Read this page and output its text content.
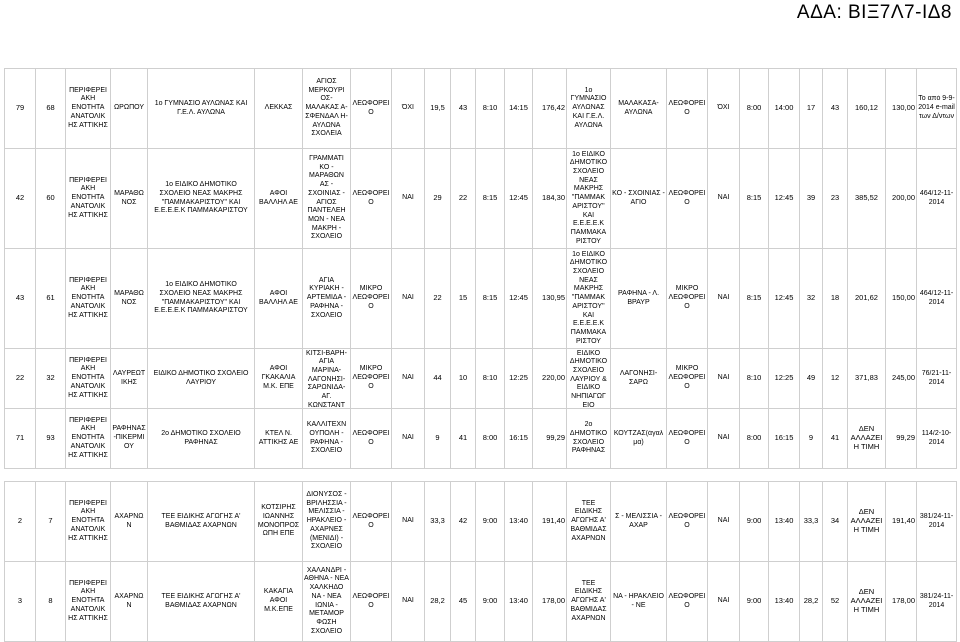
ΑΔΑ: ΒΙΞ7Λ7-ΙΔ8
79	68	ΠΕΡΙΦΕΡΕΙ ΑΚΗ ΕΝΟΤΗΤΑ ΑΝΑΤΟΛΙΚ ΗΣ ΑΤΤΙΚΗΣ	ΩΡΩΠΟΥ	1ο ΓΥΜΝΑΣΙΟ ΑΥΛΩΝΑΣ ΚΑΙ Γ.Ε.Λ. ΑΥΛΩΝΑ	ΛΕΚΚΑΣ	ΑΓΙΟΣ ΜΕΡΚΟΥΡΙ ΟΣ- ΜΑΛΑΚΑΣ Α- ΣΦΕΝΔΑΛ Η-ΑΥΛΩΝΑ ΣΧΟΛΕΙΑ	ΛΕΩΦΟΡΕΙ Ο	ΌΧΙ	19,5	43	8:10	14:15	176,42	1ο ΓΥΜΝΑΣΙΟ ΑΥΛΩΝΑΣ ΚΑΙ Γ.Ε.Λ. ΑΥΛΩΝΑ	ΜΑΛΑΚΑΣΑ-ΑΥΛΩΝΑ	ΛΕΩΦΟΡΕΙ Ο	ΌΧΙ	8:00	14:00	17	43	160,12	130,00	Το από 9-9-2014 e-mail των Δ/ντων

42	60	ΠΕΡΙΦΕΡΕΙ ΑΚΗ ΕΝΟΤΗΤΑ ΑΝΑΤΟΛΙΚ ΗΣ ΑΤΤΙΚΗΣ	ΜΑΡΑΘΩΝΟΣ	1ο ΕΙΔΙΚΟ ΔΗΜΟΤΙΚΟ ΣΧΟΛΕΙΟ ΝΕΑΣ ΜΑΚΡΗΣ "ΠΑΜΜΑΚΑΡΙΣΤΟΥ" ΚΑΙ Ε.Ε.Ε.Ε.Κ ΠΑΜΜΑΚΑΡΙΣΤΟΥ	ΑΦΟΙ ΒΑΛΛΗΛ ΑΕ	ΓΡΑΜΜΑΤΙ ΚΟ - ΜΑΡΑΘΩΝ ΑΣ - ΣΧΟΙΝΙΑΣ - ΑΓΙΟΣ ΠΑΝΤΕΛΕΗ ΜΩΝ - ΝΕΑ ΜΑΚΡΗ - ΣΧΟΛΕΙΟ	ΛΕΩΦΟΡΕΙ Ο	ΝΑΙ	29	22	8:15	12:45	184,30	1ο ΕΙΔΙΚΟ ΔΗΜΟΤΙΚΟ ΣΧΟΛΕΙΟ ΝΕΑΣ ΜΑΚΡΗΣ "ΠΑΜΜΑΚ ΑΡΙΣΤΟΥ" ΚΑΙ Ε.Ε.Ε.Ε.Κ ΠΑΜΜΑΚΑ ΡΙΣΤΟΥ	ΚΟ - ΣΧΟΙΝΙΑΣ - ΑΓΙΟ	ΛΕΩΦΟΡΕΙ Ο	ΝΑΙ	8:15	12:45	39	23	385,52	200,00	464/12-11-2014

43	61	ΠΕΡΙΦΕΡΕΙ ΑΚΗ ΕΝΟΤΗΤΑ ΑΝΑΤΟΛΙΚ ΗΣ ΑΤΤΙΚΗΣ	ΜΑΡΑΘΩΝΟΣ	1ο ΕΙΔΙΚΟ ΔΗΜΟΤΙΚΟ ΣΧΟΛΕΙΟ ΝΕΑΣ ΜΑΚΡΗΣ "ΠΑΜΜΑΚΑΡΙΣΤΟΥ" ΚΑΙ Ε.Ε.Ε.Ε.Κ ΠΑΜΜΑΚΑΡΙΣΤΟΥ	ΑΦΟΙ ΒΑΛΛΗΛ ΑΕ	ΑΓΙΑ ΚΥΡΙΑΚΗ - ΑΡΤΕΜΙΔΑ - ΡΑΦΗΝΑ - ΣΧΟΛΕΙΟ	ΜΙΚΡΟ ΛΕΩΦΟΡΕΙ Ο	ΝΑΙ	22	15	8:15	12:45	130,95	1ο ΕΙΔΙΚΟ ΔΗΜΟΤΙΚΟ ΣΧΟΛΕΙΟ ΝΕΑΣ ΜΑΚΡΗΣ "ΠΑΜΜΑΚ ΑΡΙΣΤΟΥ" ΚΑΙ Ε.Ε.Ε.Ε.Κ ΠΑΜΜΑΚΑ ΡΙΣΤΟΥ	ΡΑΦΗΝΑ - Λ. ΒΡΑΥΡ	ΜΙΚΡΟ ΛΕΩΦΟΡΕΙ Ο	ΝΑΙ	8:15	12:45	32	18	201,62	150,00	464/12-11-2014

22	32	ΠΕΡΙΦΕΡΕΙ ΑΚΗ ΕΝΟΤΗΤΑ ΑΝΑΤΟΛΙΚ ΗΣ ΑΤΤΙΚΗΣ	ΛΑΥΡΕΩΤΙΚΗΣ	ΕΙΔΙΚΟ ΔΗΜΟΤΙΚΟ ΣΧΟΛΕΙΟ ΛΑΥΡΙΟΥ	ΑΦΟΙ ΓΚΑΚΑΛΙΑ Μ.Κ. ΕΠΕ	ΚΙΤΣΙ-ΒΑΡΗ-ΑΓΙΑ ΜΑΡΙΝΑ-ΛΑΓΟΝΗΣΙ-ΣΑΡΩΝΙΔΑ-ΑΓ. ΚΩΝΣΤΑΝΤ	ΜΙΚΡΟ ΛΕΩΦΟΡΕΙ Ο	ΝΑΙ	44	10	8:10	12:25	220,00	ΕΙΔΙΚΟ ΔΗΜΟΤΙΚΟ ΣΧΟΛΕΙΟ ΛΑΥΡΙΟΥ & ΕΙΔΙΚΟ ΝΗΠΙΑΓΩΓ ΕΙΟ	ΛΑΓΟΝΗΣΙ-ΣΑΡΩ	ΜΙΚΡΟ ΛΕΩΦΟΡΕΙ Ο	ΝΑΙ	8:10	12:25	49	12	371,83	245,00	76/21-11-2014

71	93	ΠΕΡΙΦΕΡΕΙ ΑΚΗ ΕΝΟΤΗΤΑ ΑΝΑΤΟΛΙΚ ΗΣ ΑΤΤΙΚΗΣ	ΡΑΦΗΝΑΣ-ΠΙΚΕΡΜΙΟΥ	2ο ΔΗΜΟΤΙΚΟ ΣΧΟΛΕΙΟ ΡΑΦΗΝΑΣ	ΚΤΕΛ Ν. ΑΤΤΙΚΗΣ ΑΕ	ΚΑΛΛΙΤΕΧΝ ΟΥΠΟΛΗ - ΡΑΦΗΝΑ - ΣΧΟΛΕΙΟ	ΛΕΩΦΟΡΕΙ Ο	ΝΑΙ	9	41	8:00	16:15	99,29	2ο ΔΗΜΟΤΙΚΟ ΣΧΟΛΕΙΟ ΡΑΦΗΝΑΣ	ΚΟΥΤΖΑΣ(άγαλμα)	ΛΕΩΦΟΡΕΙ Ο	ΝΑΙ	8:00	16:15	9	41	ΔΕΝ ΑΛΛΑΖΕΙ Η ΤΙΜΗ	99,29	114/2-10-2014

2	7	ΠΕΡΙΦΕΡΕΙ ΑΚΗ ΕΝΟΤΗΤΑ ΑΝΑΤΟΛΙΚ ΗΣ ΑΤΤΙΚΗΣ	ΑΧΑΡΝΩΝ	ΤΕΕ ΕΙΔΙΚΗΣ ΑΓΩΓΗΣ Α' ΒΑΘΜΙΔΑΣ ΑΧΑΡΝΩΝ	ΚΟΤΣΙΡΗΣ ΙΩΑΝΝΗΣ ΜΟΝΟΠΡΟΣ ΩΠΗ ΕΠΕ	ΔΙΟΝΥΣΟΣ - ΒΡΙΛΗΣΣΙΑ - ΜΕΛΙΣΣΙΑ - ΗΡΑΚΛΕΙΟ - ΑΧΑΡΝΕΣ (ΜΕΝΙΔΙ) - ΣΧΟΛΕΙΟ	ΛΕΩΦΟΡΕΙ Ο	ΝΑΙ	33,3	42	9:00	13:40	191,40	ΤΕΕ ΕΙΔΙΚΗΣ ΑΓΩΓΗΣ Α' ΒΑΘΜΙΔΑΣ ΑΧΑΡΝΩΝ	Σ - ΜΕΛΙΣΣΙΑ - ΑΧΑΡ	ΛΕΩΦΟΡΕΙ Ο	ΝΑΙ	9:00	13:40	33,3	34	ΔΕΝ ΑΛΛΑΖΕΙ Η ΤΙΜΗ	191,40	381/24-11-2014

3	8	ΠΕΡΙΦΕΡΕΙ ΑΚΗ ΕΝΟΤΗΤΑ ΑΝΑΤΟΛΙΚ ΗΣ ΑΤΤΙΚΗΣ	ΑΧΑΡΝΩΝ	ΤΕΕ ΕΙΔΙΚΗΣ ΑΓΩΓΗΣ Α' ΒΑΘΜΙΔΑΣ ΑΧΑΡΝΩΝ	ΚΑΚΑΓΙΑ ΑΦΟΙ Μ.Κ.ΕΠΕ	ΧΑΛΑΝΔΡΙ - ΑΘΗΝΑ - ΝΕΑ ΧΑΛΚΗΔΟ ΝΑ - ΝΕΑ ΙΩΝΙΑ - ΜΕΤΑΜΟΡ ΦΩΣΗ ΣΧΟΛΕΙΟ	ΛΕΩΦΟΡΕΙ Ο	ΝΑΙ	28,2	45	9:00	13:40	178,00	ΤΕΕ ΕΙΔΙΚΗΣ ΑΓΩΓΗΣ Α' ΒΑΘΜΙΔΑΣ ΑΧΑΡΝΩΝ	ΝΑ - ΗΡΑΚΛΕΙΟ - ΝΕ	ΛΕΩΦΟΡΕΙ Ο	ΝΑΙ	9:00	13:40	28,2	52	ΔΕΝ ΑΛΛΑΖΕΙ Η ΤΙΜΗ	178,00	381/24-11-2014
